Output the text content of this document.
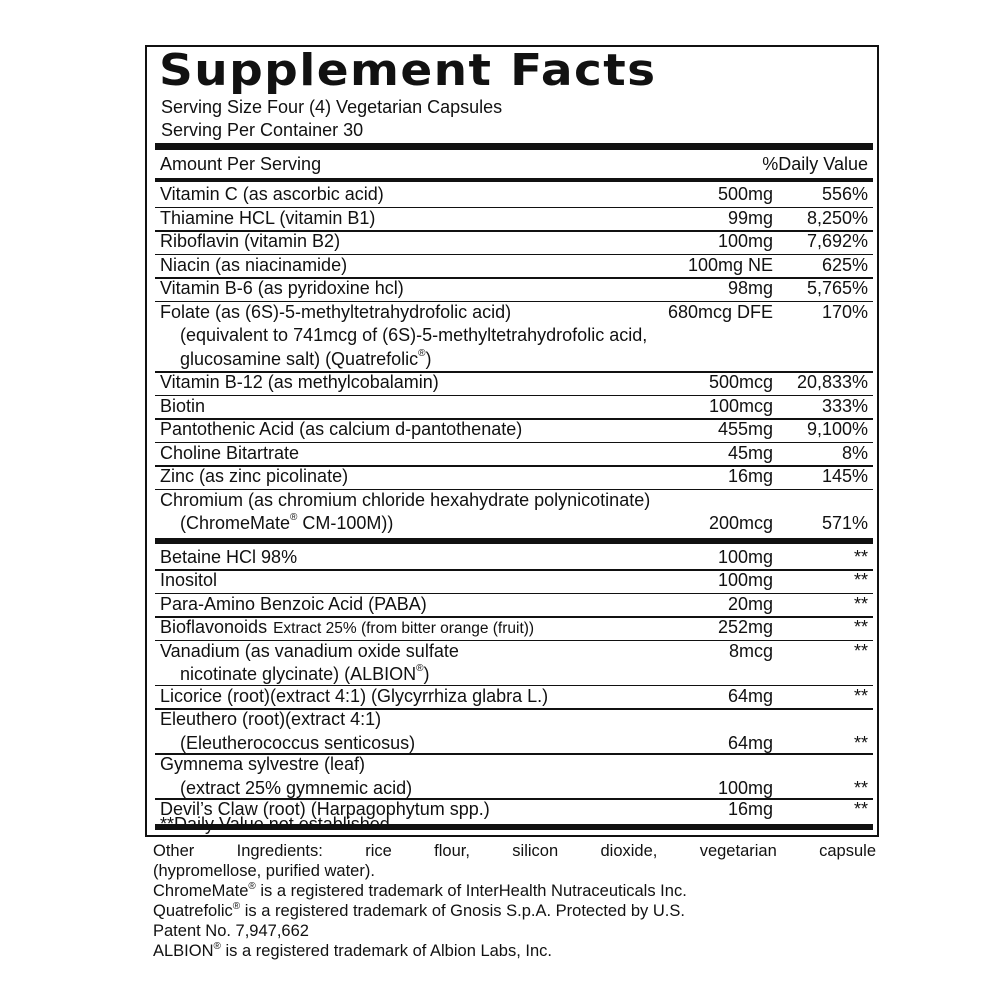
Supplement Facts
Serving Size Four (4) Vegetarian Capsules
Serving Per Container 30
Amount Per Serving	%Daily Value
Vitamin C (as ascorbic acid)	500mg	556%
Thiamine HCL (vitamin B1)	99mg 8,250%
Riboflavin (vitamin B2)	100mg 7,692%
Niacin (as niacinamide)	100mg NE	625%
Vitamin B-6 (as pyridoxine hcl)	98mg 5,765%
Folate (as (6S)-5-methyltetrahydrofolic acid)
(equivalent to 741mcg of (6S)-5-methyltetrahydrofolic acid,
glucosamine salt) (Quatrefolic®)
680mcg DFE	170%
Vitamin B-12 (as methylcobalamin)	500mcg 20,833%
Biotin	100mcg	333%
Pantothenic Acid (as calcium d-pantothenate)	455mg 9,100%
Choline Bitartrate	45mg	8%
Zinc (as zinc picolinate)	16mg	145%
Chromium (as chromium chloride hexahydrate polynicotinate)
(ChromeMate® CM-100M))	200mcg	571%
Betaine HCl 98%	100mg	**
Inositol	100mg	**
Para-Amino Benzoic Acid (PABA)	20mg	**
Bioflavonoids Extract 25% (from bitter orange (fruit))	252mg	**
Vanadium (as vanadium oxide sulfate
nicotinate glycinate) (ALBION®)
8mcg	**
Licorice (root)(extract 4:1) (Glycyrrhiza glabra L.)	64mg	**
Eleuthero (root)(extract 4:1)
(Eleutherococcus senticosus)	64mg	**
Gymnema sylvestre (leaf)
(extract 25% gymnemic acid)	100mg	**
Devil’s Claw (root) (Harpagophytum spp.)	16mg	**
**Daily Value not established.
Other Ingredients: rice flour, silicon dioxide, vegetarian capsule
(hypromellose, purified water).
ChromeMate® is a registered trademark of InterHealth Nutraceuticals Inc.
Quatrefolic® is a registered trademark of Gnosis S.p.A. Protected by U.S.
Patent No. 7,947,662
ALBION® is a registered trademark of Albion Labs, Inc.
